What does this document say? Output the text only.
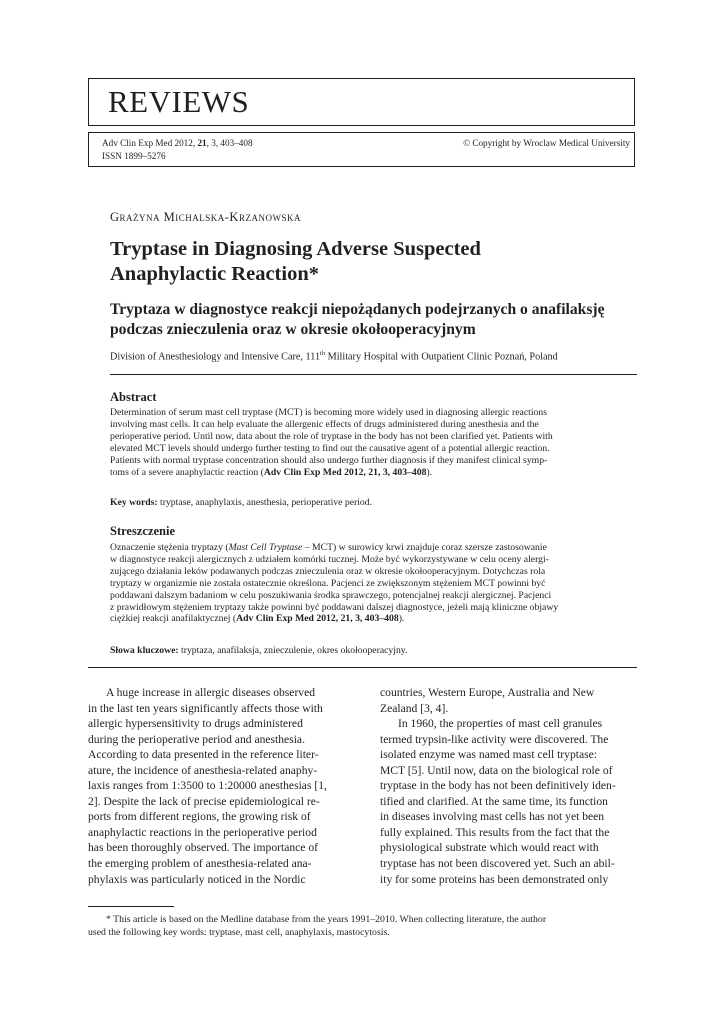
REVIEWS
Adv Clin Exp Med 2012, 21, 3, 403–408
ISSN 1899–5276
© Copyright by Wroclaw Medical University
Grażyna Michalska-Krzanowska
Tryptase in Diagnosing Adverse Suspected
Anaphylactic Reaction*
Tryptaza w diagnostyce reakcji niepożądanych podejrzanych o anafilaksję
podczas znieczulenia oraz w okresie okołooperacyjnym
Division of Anesthesiology and Intensive Care, 111th Military Hospital with Outpatient Clinic Poznań, Poland
Abstract
Determination of serum mast cell tryptase (MCT) is becoming more widely used in diagnosing allergic reactions
involving mast cells. It can help evaluate the allergenic effects of drugs administered during anesthesia and the
perioperative period. Until now, data about the role of tryptase in the body has not been clarified yet. Patients with
elevated MCT levels should undergo further testing to find out the causative agent of a potential allergic reaction.
Patients with normal tryptase concentration should also undergo further diagnosis if they manifest clinical symp-
toms of a severe anaphylactic reaction (Adv Clin Exp Med 2012, 21, 3, 403–408).
Key words: tryptase, anaphylaxis, anesthesia, perioperative period.
Streszczenie
Oznaczenie stężenia tryptazy (Mast Cell Tryptase – MCT) w surowicy krwi znajduje coraz szersze zastosowanie
w diagnostyce reakcji alergicznych z udziałem komórki tucznej. Może być wykorzystywane w celu oceny alergi-
zującego działania leków podawanych podczas znieczulenia oraz w okresie okołooperacyjnym. Dotychczas rola
tryptazy w organizmie nie została ostatecznie określona. Pacjenci ze zwiększonym stężeniem MCT powinni być
poddawani dalszym badaniom w celu poszukiwania środka sprawczego, potencjalnej reakcji alergicznej. Pacjenci
z prawidłowym stężeniem tryptazy także powinni być poddawani dalszej diagnostyce, jeżeli mają kliniczne objawy
ciężkiej reakcji anafilaktycznej (Adv Clin Exp Med 2012, 21, 3, 403–408).
Słowa kluczowe: tryptaza, anafilaksja, znieczulenie, okres okołooperacyjny.
A huge increase in allergic diseases observed
in the last ten years significantly affects those with
allergic hypersensitivity to drugs administered
during the perioperative period and anesthesia.
According to data presented in the reference liter-
ature, the incidence of anesthesia-related anaphy-
laxis ranges from 1:3500 to 1:20000 anesthesias [1,
2]. Despite the lack of precise epidemiological re-
ports from different regions, the growing risk of
anaphylactic reactions in the perioperative period
has been thoroughly observed. The importance of
the emerging problem of anesthesia-related ana-
phylaxis was particularly noticed in the Nordic
countries, Western Europe, Australia and New
Zealand [3, 4].
In 1960, the properties of mast cell granules
termed trypsin-like activity were discovered. The
isolated enzyme was named mast cell tryptase:
MCT [5]. Until now, data on the biological role of
tryptase in the body has not been definitively iden-
tified and clarified. At the same time, its function
in diseases involving mast cells has not yet been
fully explained. This results from the fact that the
physiological substrate which would react with
tryptase has not been discovered yet. Such an abil-
ity for some proteins has been demonstrated only
* This article is based on the Medline database from the years 1991–2010. When collecting literature, the author
used the following key words: tryptase, mast cell, anaphylaxis, mastocytosis.
